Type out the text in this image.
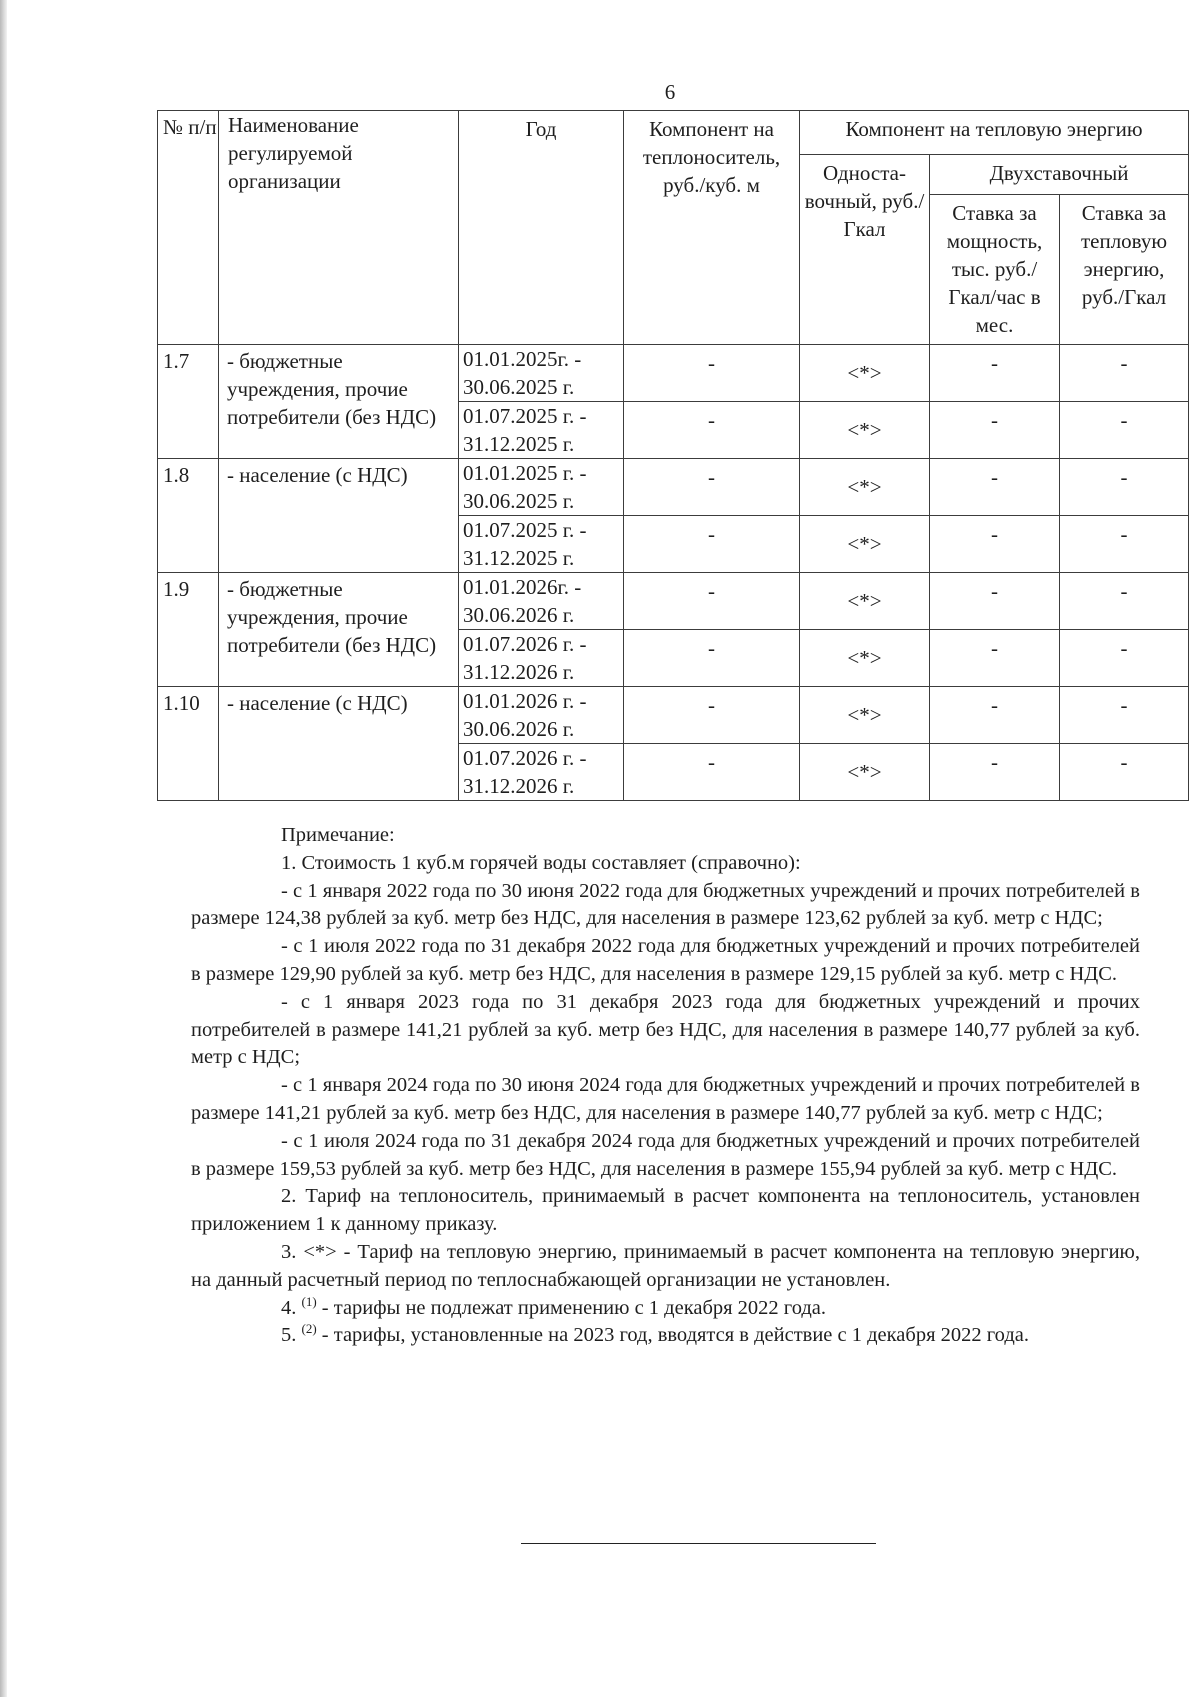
6
№ п/п	Наименование регулируемой организации	Год	Компонент на теплоноситель, руб./куб. м	Компонент на тепловую энергию		
				Односта-вочный, руб./Гкал	Двухставочный	
					Ставка за мощность, тыс. руб./ Гкал/час в мес.	Ставка за тепловую энергию, руб./Гкал
1.7	- бюджетные учреждения, прочие потребители (без НДС)	01.01.2025г. - 30.06.2025 г.	-	<*>	-	-
		01.07.2025 г. - 31.12.2025 г.	-	<*>	-	-
1.8	- население (с НДС)	01.01.2025 г. - 30.06.2025 г.	-	<*>	-	-
		01.07.2025 г. - 31.12.2025 г.	-	<*>	-	-
1.9	- бюджетные учреждения, прочие потребители (без НДС)	01.01.2026г. - 30.06.2026 г.	-	<*>	-	-
		01.07.2026 г. - 31.12.2026 г.	-	<*>	-	-
1.10	- население (с НДС)	01.01.2026 г. - 30.06.2026 г.	-	<*>	-	-
		01.07.2026 г. - 31.12.2026 г.	-	<*>	-	-

Примечание:

1. Стоимость 1 куб.м горячей воды составляет (справочно):

- с 1 января 2022 года по 30 июня 2022 года для бюджетных учреждений и прочих потребителей в размере 124,38 рублей за куб. метр без НДС, для населения в размере 123,62 рублей за куб. метр с НДС;

- с 1 июля 2022 года по 31 декабря 2022 года для бюджетных учреждений и прочих потребителей в размере 129,90 рублей за куб. метр без НДС, для населения в размере 129,15 рублей за куб. метр с НДС.

- с 1 января 2023 года по 31 декабря 2023 года для бюджетных учреждений и прочих потребителей в размере 141,21 рублей за куб. метр без НДС, для населения в размере 140,77 рублей за куб. метр с НДС;

- с 1 января 2024 года по 30 июня 2024 года для бюджетных учреждений и прочих потребителей в размере 141,21 рублей за куб. метр без НДС, для населения в размере 140,77 рублей за куб. метр с НДС;

- с 1 июля 2024 года по 31 декабря 2024 года для бюджетных учреждений и прочих потребителей в размере 159,53 рублей за куб. метр без НДС, для населения в размере 155,94 рублей за куб. метр с НДС.

2. Тариф на теплоноситель, принимаемый в расчет компонента на теплоноситель, установлен приложением 1 к данному приказу.

3. <*> - Тариф на тепловую энергию, принимаемый в расчет компонента на тепловую энергию, на данный расчетный период по теплоснабжающей организации не установлен.

4. $^{(1)}$ - тарифы не подлежат применению с 1 декабря 2022 года.

5. $^{(2)}$ - тарифы, установленные на 2023 год, вводятся в действие с 1 декабря 2022 года.
